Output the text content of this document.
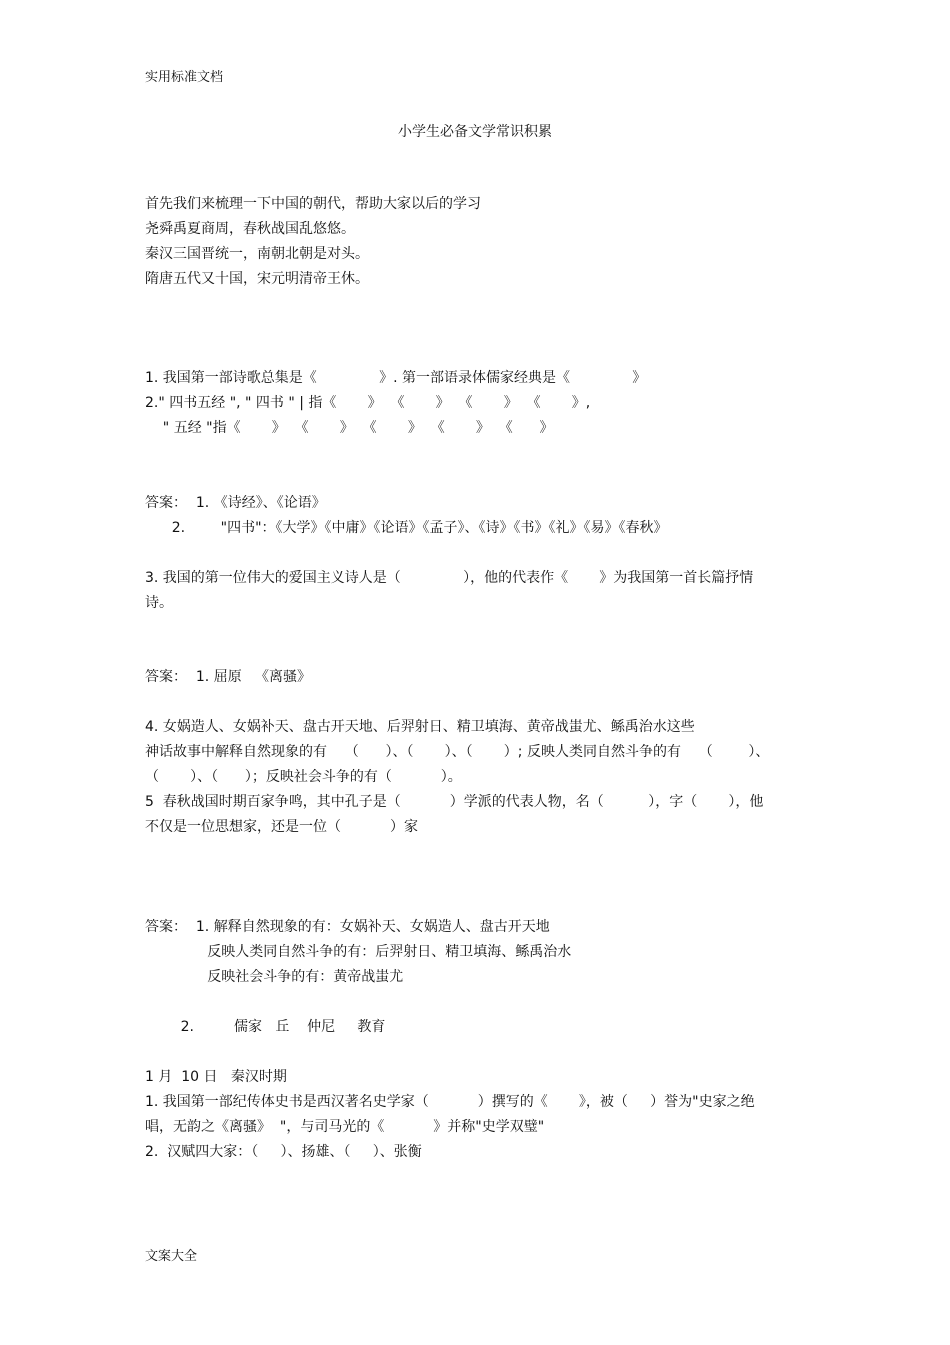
实用标准文档
小学生必备文学常识积累
首先我们来梳理一下中国的朝代，帮助大家以后的学习
尧舜禹夏商周，春秋战国乱悠悠。
秦汉三国晋统一，南朝北朝是对头。
隋唐五代又十国，宋元明清帝王休。
1. 我国第一部诗歌总集是《              》. 第一部语录体儒家经典是《              》
2." 四书五经 ", " 四书 " | 指《       》  《       》  《       》  《       》,
" 五经 "指《       》  《       》  《       》  《       》  《      》
答案：  1. 《诗经》、《论语》
2.        "四书"：《大学》《中庸》《论语》《孟子》、《诗》《书》《礼》《易》《春秋》
3. 我国的第一位伟大的爱国主义诗人是（              ），他的代表作《       》为我国第一首长篇抒情
诗。
答案：  1. 屈原   《离骚》
4. 女娲造人、女娲补天、盘古开天地、后羿射日、精卫填海、黄帝战蚩尤、鲧禹治水这些
神话故事中解释自然现象的有    （      ）、（       ）、（       ）; 反映人类同自然斗争的有    （        ）、
（       ）、（      ）；反映社会斗争的有（           ）。
5  春秋战国时期百家争鸣，其中孔子是（           ）学派的代表人物，名（          ），字（       ），他
不仅是一位思想家，还是一位（           ）家
答案：  1. 解释自然现象的有：女娲补天、女娲造人、盘古开天地
反映人类同自然斗争的有：后羿射日、精卫填海、鲧禹治水
反映社会斗争的有：黄帝战蚩尤
2.         儒家   丘    仲尼     教育
1 月  10 日   秦汉时期
1. 我国第一部纪传体史书是西汉著名史学家（           ）撰写的《       》，被（     ）誉为"史家之绝
唱，无韵之《离骚》  "，与司马光的《           》并称"史学双璧"
2.  汉赋四大家：（     ）、扬雄、（     ）、张衡
文案大全
